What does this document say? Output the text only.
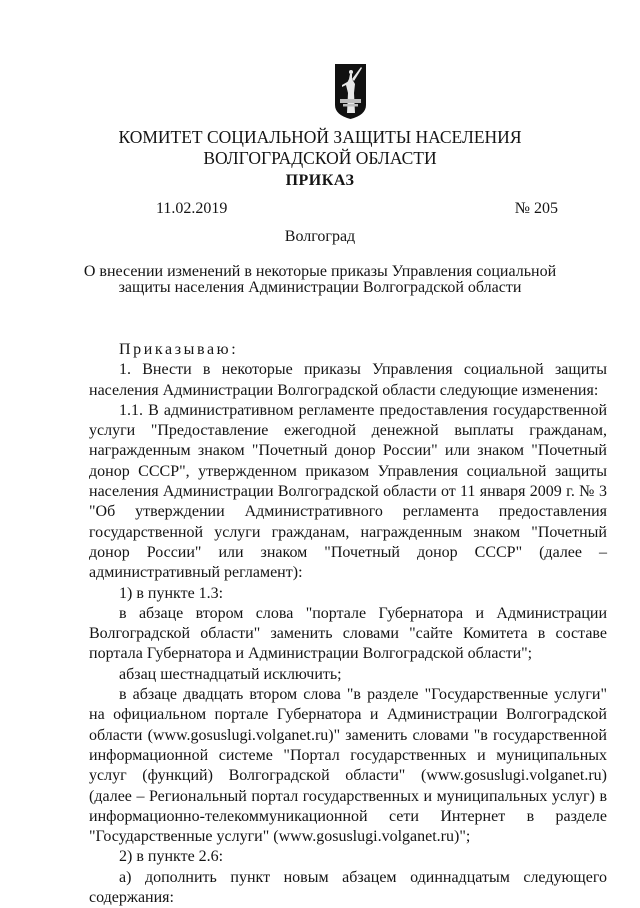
КОМИТЕТ СОЦИАЛЬНОЙ ЗАЩИТЫ НАСЕЛЕНИЯ
ВОЛГОГРАДСКОЙ ОБЛАСТИ
ПРИКАЗ
11.02.2019	№ 205
Волгоград
О внесении изменений в некоторые приказы Управления социальной
защиты населения Администрации Волгоградской области

Приказываю:

1. Внести в некоторые приказы Управления социальной защиты населения Администрации Волгоградской области следующие изменения:

1.1. В административном регламенте предоставления государственной услуги "Предоставление ежегодной денежной выплаты гражданам, награжденным знаком "Почетный донор России" или знаком "Почетный донор СССР", утвержденном приказом Управления социальной защиты населения Администрации Волгоградской области от 11 января 2009 г. № 3 "Об утверждении Административного регламента предоставления государственной услуги гражданам, награжденным знаком "Почетный донор России" или знаком "Почетный донор СССР" (далее – административный регламент):

1) в пункте 1.3:

в абзаце втором слова "портале Губернатора и Администрации Волгоградской области" заменить словами "сайте Комитета в составе портала Губернатора и Администрации Волгоградской области";

абзац шестнадцатый исключить;

в абзаце двадцать втором слова "в разделе "Государственные услуги" на официальном портале Губернатора и Администрации Волгоградской области (www.gosuslugi.volganet.ru)" заменить словами "в государственной информационной системе "Портал государственных и муниципальных услуг (функций) Волгоградской области" (www.gosuslugi.volganet.ru) (далее – Региональный портал государственных и муниципальных услуг) в информационно-телекоммуникационной сети Интернет в разделе "Государственные услуги" (www.gosuslugi.volganet.ru)";

2) в пункте 2.6:

а) дополнить пункт новым абзацем одиннадцатым следующего содержания:
